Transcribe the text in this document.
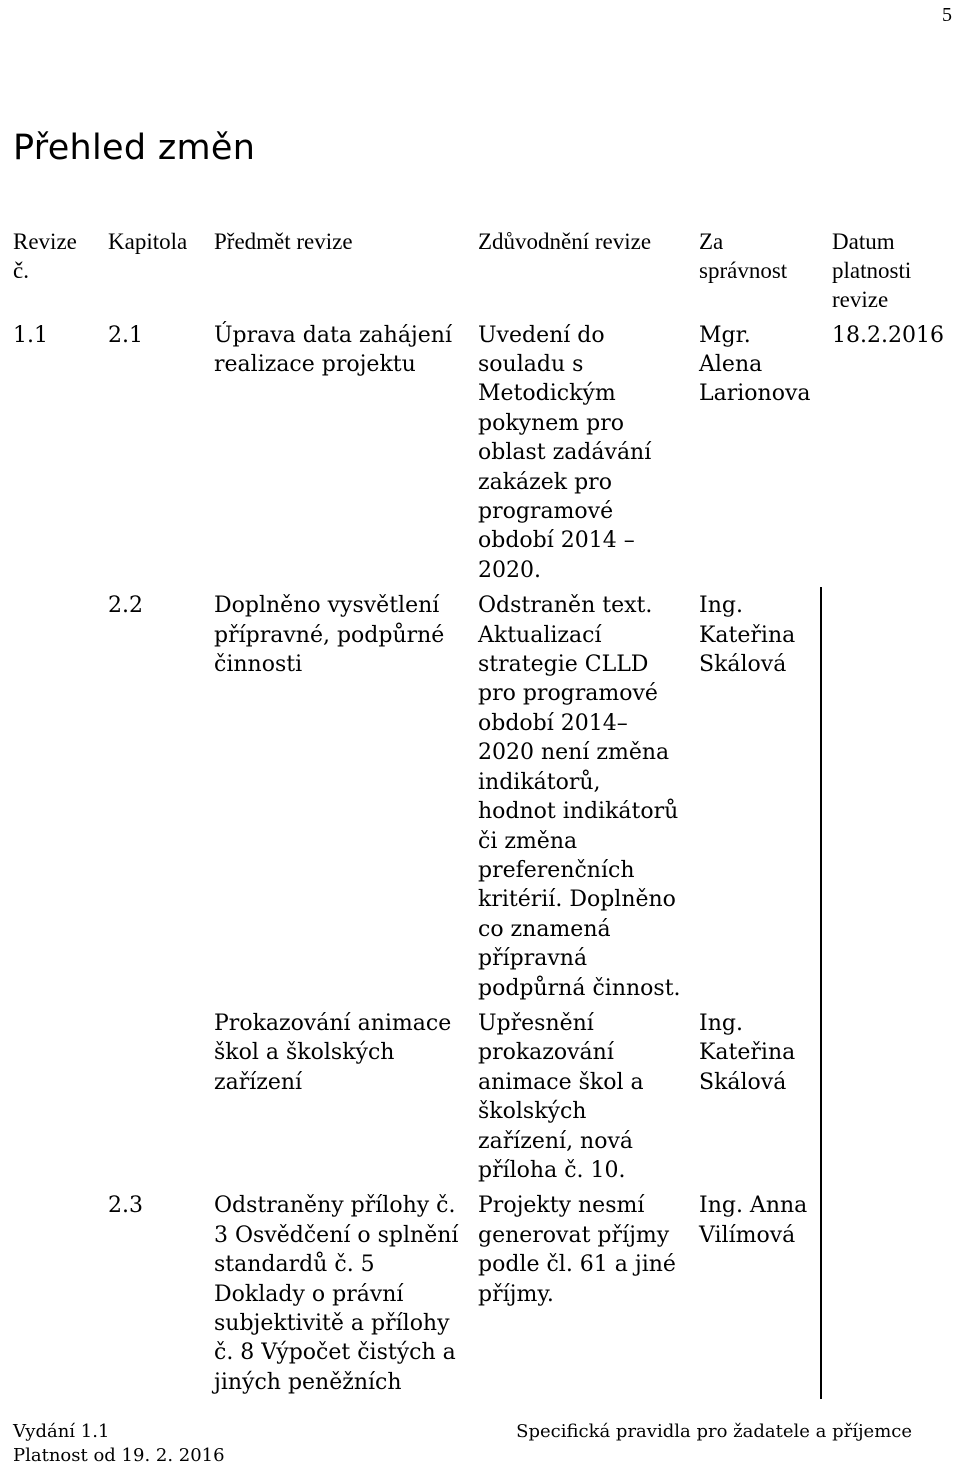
5
Přehled změn
Revize č.	Kapitola	Předmět revize	Zdůvodnění revize	Za správnost	Datum platnosti revize
1.1	2.1	Úprava data zahájení realizace projektu	Uvedení do souladu s Metodickým pokynem pro oblast zadávání zakázek pro programové období 2014 – 2020.	Mgr. Alena Larionova	18.2.2016
	2.2	Doplněno vysvětlení přípravné, podpůrné činnosti	Odstraněn text. Aktualizací strategie CLLD pro programové období 2014–2020 není změna indikátorů, hodnot indikátorů či změna preferenčních kritérií. Doplněno co znamená přípravná podpůrná činnost.	Ing. Kateřina Skálová	
		Prokazování animace škol a školských zařízení	Upřesnění prokazování animace škol a školských zařízení, nová příloha č. 10.	Ing. Kateřina Skálová	
	2.3	Odstraněny přílohy č. 3 Osvědčení o splnění standardů č. 5 Doklady o právní subjektivitě a přílohy č. 8 Výpočet čistých a jiných peněžních	Projekty nesmí generovat příjmy podle čl. 61 a jiné příjmy.	Ing. Anna Vilímová	
Vydání 1.1
Platnost od 19. 2. 2016
Specifická pravidla pro žadatele a příjemce
